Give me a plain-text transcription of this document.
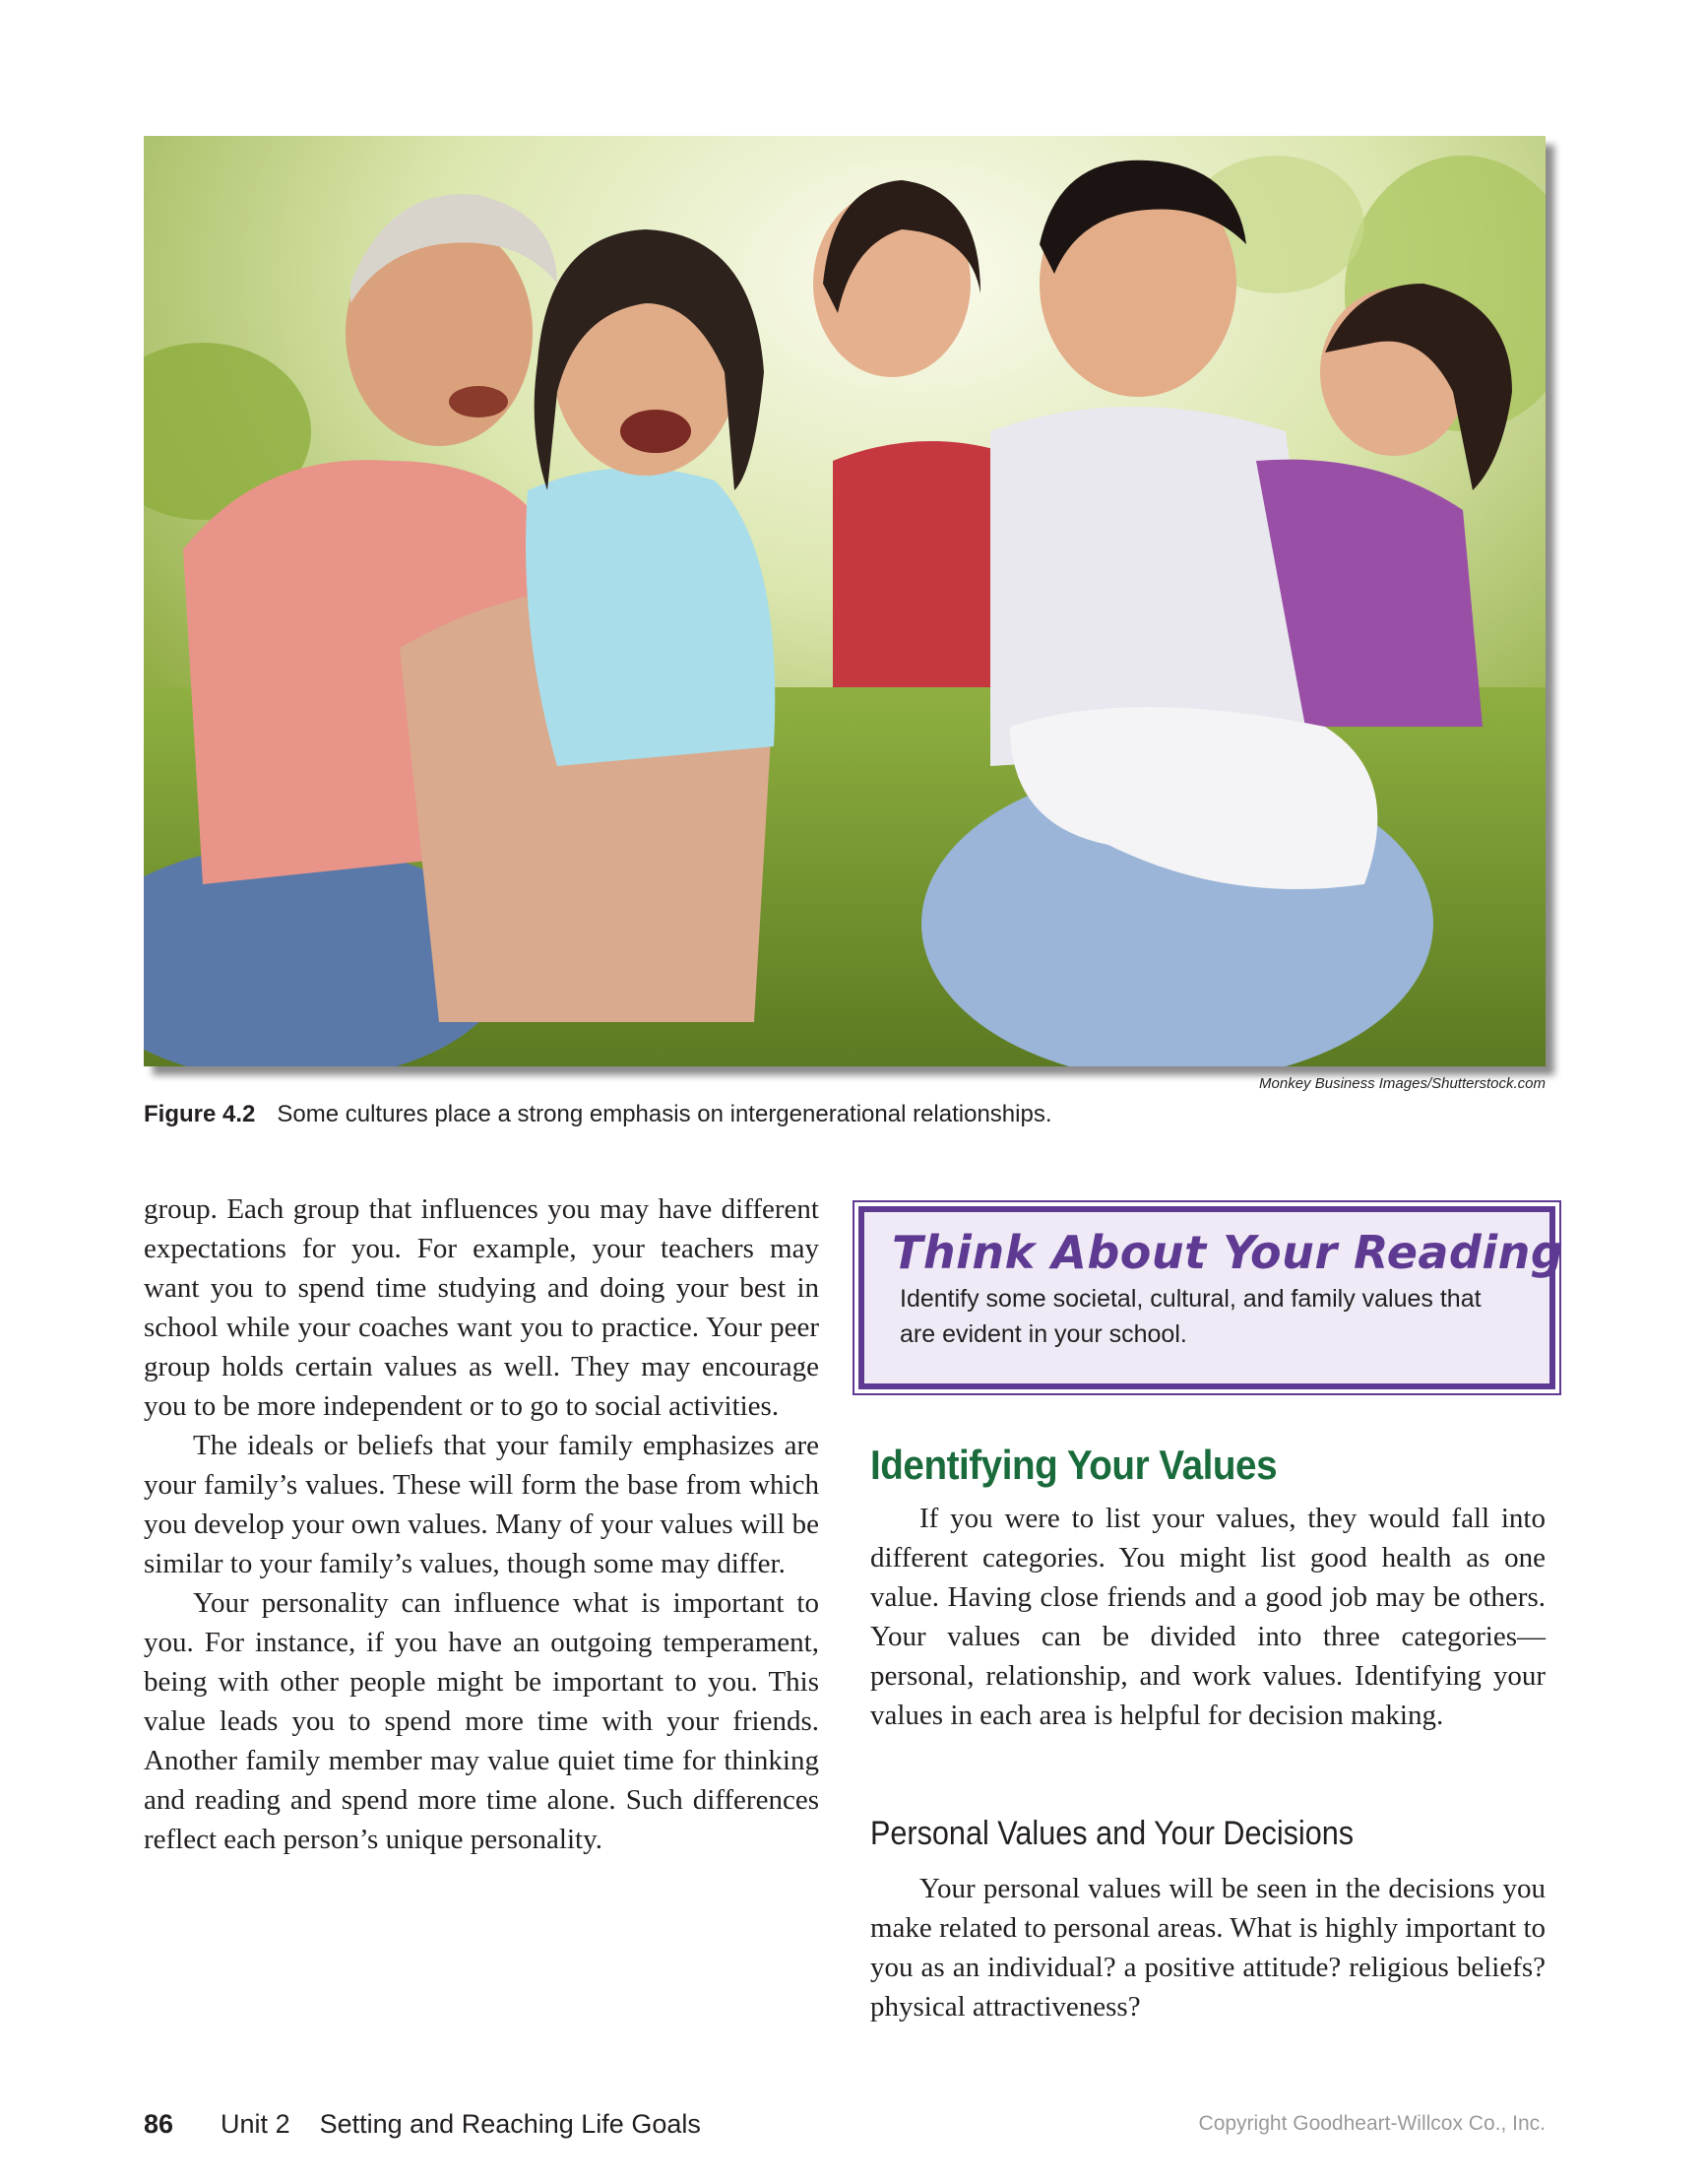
Monkey Business Images/Shutterstock.com
Figure 4.2 Some cultures place a strong emphasis on intergenerational relationships.

group. Each group that influences you may have different expectations for you. For example, your teachers may want you to spend time studying and doing your best in school while your coaches want you to practice. Your peer group holds certain values as well. They may encourage you to be more independent or to go to social activities.

The ideals or beliefs that your family emphasizes are your family’s values. These will form the base from which you develop your own values. Many of your values will be similar to your family’s values, though some may differ.

Your personality can influence what is important to you. For instance, if you have an outgoing temperament, being with other people might be important to you. This value leads you to spend more time with your friends. Another family member may value quiet time for thinking and reading and spend more time alone. Such differences reflect each person’s unique personality.

Think About Your Reading
Identify some societal, cultural, and family values that are evident in your school.
Identifying Your Values

If you were to list your values, they would fall into different categories. You might list good health as one value. Having close friends and a good job may be others. Your values can be divided into three categories—personal, relationship, and work values. Identifying your values in each area is helpful for decision making.

Personal Values and Your Decisions

Your personal values will be seen in the decisions you make related to personal areas. What is highly important to you as an individual? a positive attitude? religious beliefs? physical attractiveness?

86 Unit 2 Setting and Reaching Life Goals	Copyright Goodheart-Willcox Co., Inc.
